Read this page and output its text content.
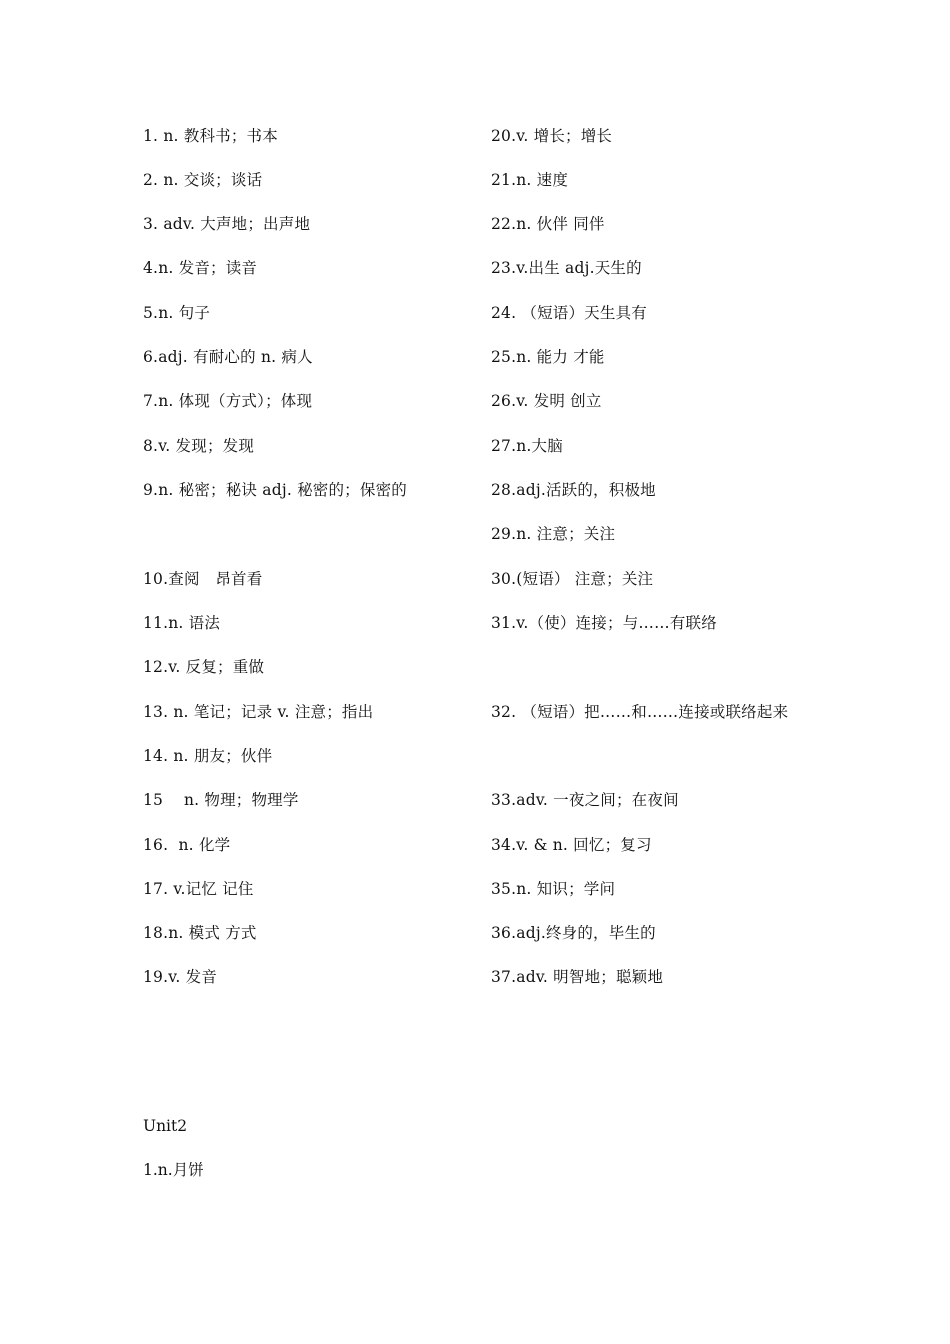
1. n. 教科书；书本
2. n. 交谈；谈话
3. adv. 大声地；出声地
4.n. 发音；读音
5.n. 句子
6.adj. 有耐心的 n. 病人
7.n. 体现（方式）；体现
8.v. 发现；发现
9.n. 秘密；秘诀 adj. 秘密的；保密的
10.查阅　昂首看
11.n. 语法
12.v. 反复；重做
13. n. 笔记；记录 v. 注意；指出
14. n. 朋友；伙伴
15　 n. 物理；物理学
16.  n. 化学
17. v.记忆 记住
18.n. 模式 方式
19.v. 发音
20.v. 增长；增长
21.n. 速度
22.n. 伙伴 同伴
23.v.出生 adj.天生的
24. （短语）天生具有
25.n. 能力 才能
26.v. 发明 创立
27.n.大脑
28.adj.活跃的，积极地
29.n. 注意；关注
30.(短语） 注意；关注
31.v.（使）连接；与……有联络
32. （短语）把……和……连接或联络起来
33.adv. 一夜之间；在夜间
34.v. & n. 回忆；复习
35.n. 知识；学问
36.adj.终身的，毕生的
37.adv. 明智地；聪颖地
Unit2
1.n.月饼
